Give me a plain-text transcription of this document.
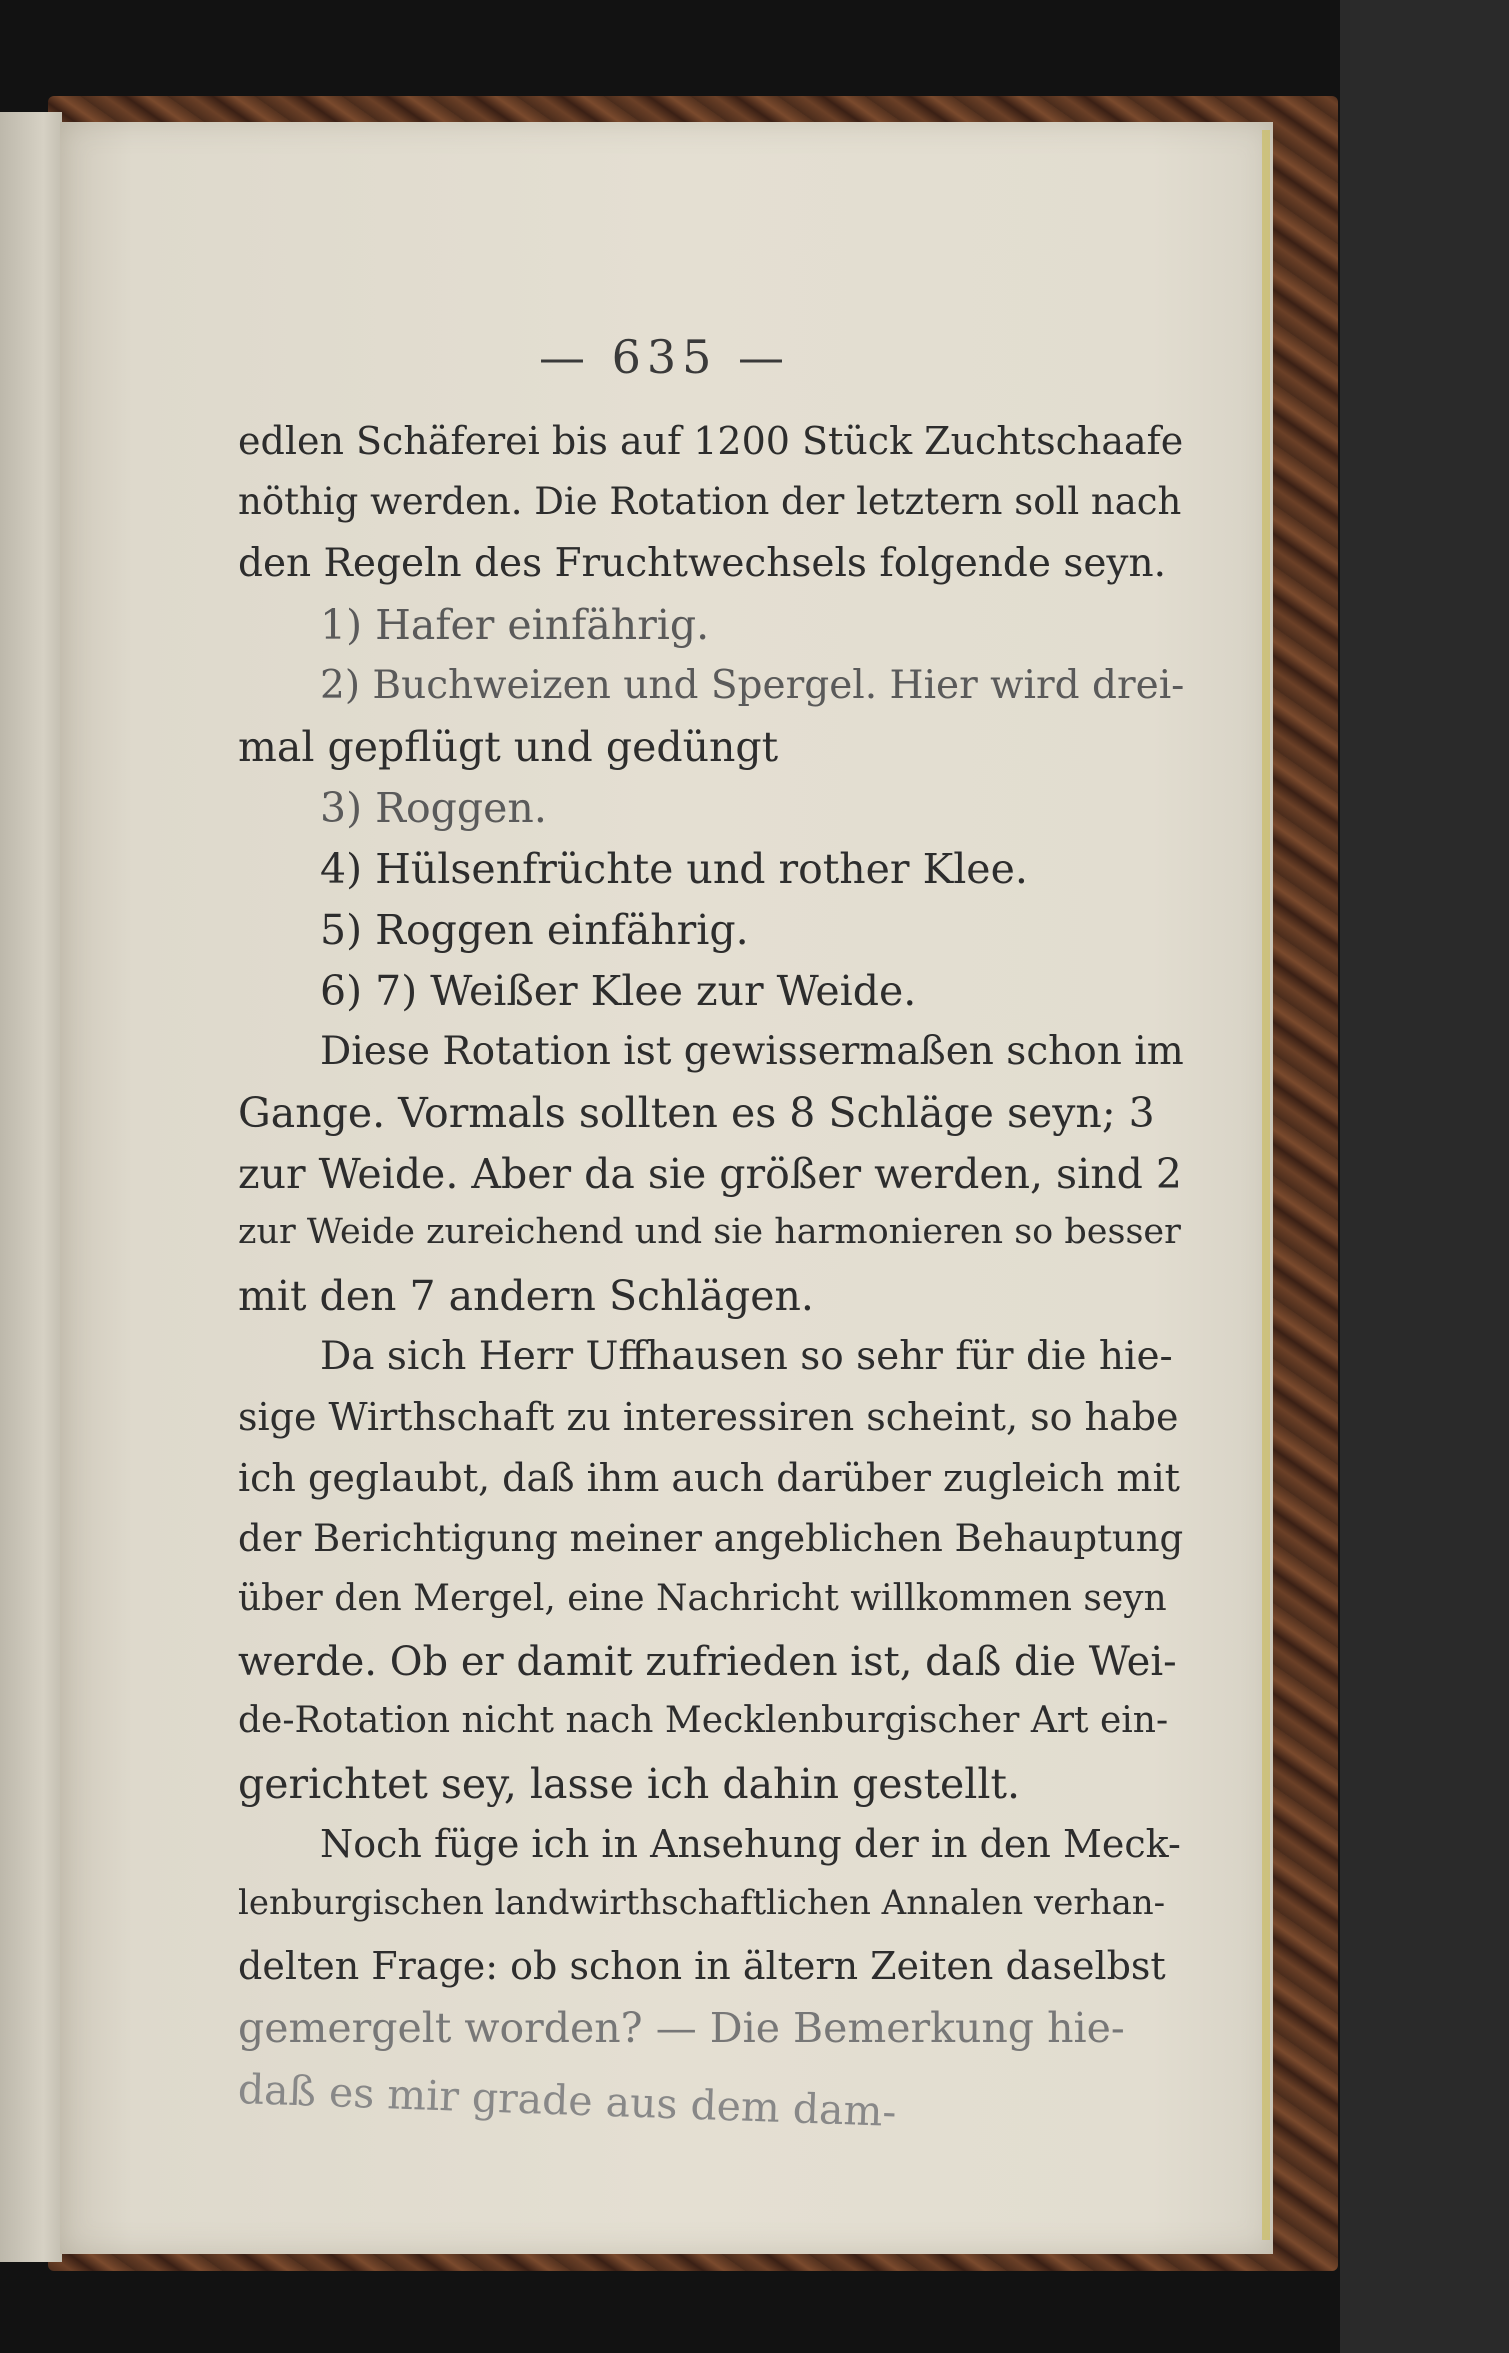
— 635 —
edlen Schäferei bis auf 1200 Stück Zuchtschaafe
nöthig werden. Die Rotation der letztern soll nach
den Regeln des Fruchtwechsels folgende seyn.
1) Hafer einfährig.
2) Buchweizen und Spergel. Hier wird drei-
mal gepflügt und gedüngt
3) Roggen.
4) Hülsenfrüchte und rother Klee.
5) Roggen einfährig.
6) 7) Weißer Klee zur Weide.
Diese Rotation ist gewissermaßen schon im
Gange. Vormals sollten es 8 Schläge seyn; 3
zur Weide. Aber da sie größer werden, sind 2
zur Weide zureichend und sie harmonieren so besser
mit den 7 andern Schlägen.
Da sich Herr Uffhausen so sehr für die hie-
sige Wirthschaft zu interessiren scheint, so habe
ich geglaubt, daß ihm auch darüber zugleich mit
der Berichtigung meiner angeblichen Behauptung
über den Mergel, eine Nachricht willkommen seyn
werde. Ob er damit zufrieden ist, daß die Wei-
de-Rotation nicht nach Mecklenburgischer Art ein-
gerichtet sey, lasse ich dahin gestellt.
Noch füge ich in Ansehung der in den Meck-
lenburgischen landwirthschaftlichen Annalen verhan-
delten Frage: ob schon in ältern Zeiten daselbst
gemergelt worden? — Die Bemerkung hie-
daß es mir grade aus dem dam-
